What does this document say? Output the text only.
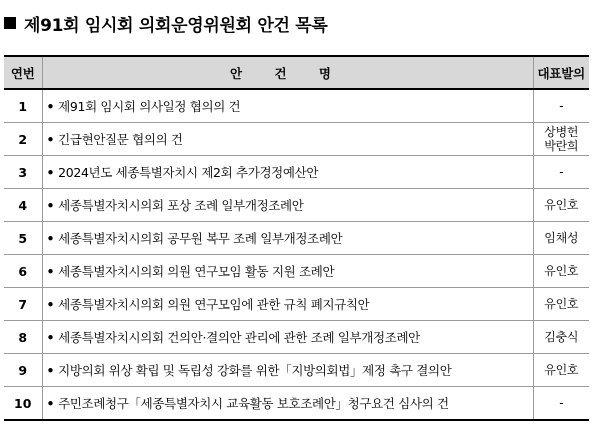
제91회 임시회 의회운영위원회 안건 목록
연번	안 건 명	대표발의
1	• 제91회 임시회 의사일정 협의의 건	-

2	• 긴급현안질문 협의의 건	상병헌
박란희

3	• 2024년도 세종특별자치시 제2회 추가경정예산안	-

4	• 세종특별자치시의회 포상 조례 일부개정조례안	유인호

5	• 세종특별자치시의회 공무원 복무 조례 일부개정조례안	임채성

6	• 세종특별자치시의회 의원 연구모임 활동 지원 조례안	유인호

7	• 세종특별자치시의회 의원 연구모임에 관한 규칙 폐지규칙안	유인호

8	• 세종특별자치시의회 건의안·결의안 관리에 관한 조례 일부개정조례안	김충식

9	• 지방의회 위상 확립 및 독립성 강화를 위한「지방의회법」제정 촉구 결의안	유인호

10	• 주민조례청구「세종특별자치시 교육활동 보호조례안」청구요건 심사의 건	-
